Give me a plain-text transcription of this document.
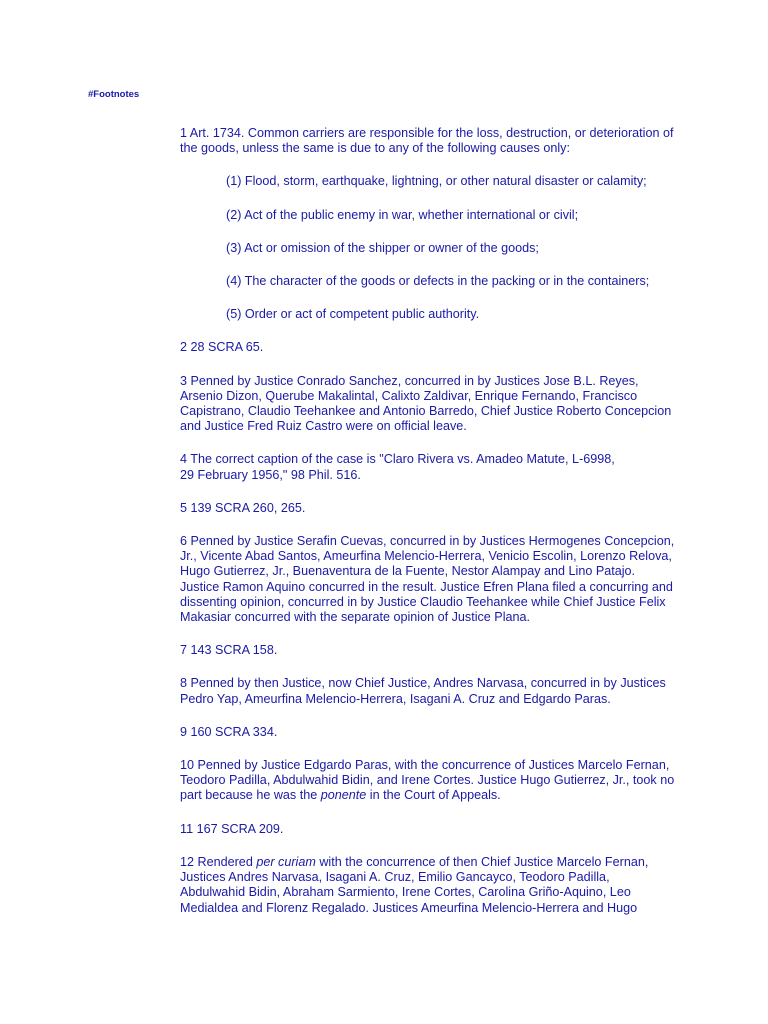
#Footnotes

1 Art. 1734. Common carriers are responsible for the loss, destruction, or deterioration of
the goods, unless the same is due to any of the following causes only:

(1) Flood, storm, earthquake, lightning, or other natural disaster or calamity;

(2) Act of the public enemy in war, whether international or civil;

(3) Act or omission of the shipper or owner of the goods;

(4) The character of the goods or defects in the packing or in the containers;

(5) Order or act of competent public authority.

2 28 SCRA 65.

3 Penned by Justice Conrado Sanchez, concurred in by Justices Jose B.L. Reyes,
Arsenio Dizon, Querube Makalintal, Calixto Zaldivar, Enrique Fernando, Francisco
Capistrano, Claudio Teehankee and Antonio Barredo, Chief Justice Roberto Concepcion
and Justice Fred Ruiz Castro were on official leave.

4 The correct caption of the case is "Claro Rivera vs. Amadeo Matute, L-6998,
29 February 1956," 98 Phil. 516.

5 139 SCRA 260, 265.

6 Penned by Justice Serafin Cuevas, concurred in by Justices Hermogenes Concepcion,
Jr., Vicente Abad Santos, Ameurfina Melencio-Herrera, Venicio Escolin, Lorenzo Relova,
Hugo Gutierrez, Jr., Buenaventura de la Fuente, Nestor Alampay and Lino Patajo.
Justice Ramon Aquino concurred in the result. Justice Efren Plana filed a concurring and
dissenting opinion, concurred in by Justice Claudio Teehankee while Chief Justice Felix
Makasiar concurred with the separate opinion of Justice Plana.

7 143 SCRA 158.

8 Penned by then Justice, now Chief Justice, Andres Narvasa, concurred in by Justices
Pedro Yap, Ameurfina Melencio-Herrera, Isagani A. Cruz and Edgardo Paras.

9 160 SCRA 334.

10 Penned by Justice Edgardo Paras, with the concurrence of Justices Marcelo Fernan,
Teodoro Padilla, Abdulwahid Bidin, and Irene Cortes. Justice Hugo Gutierrez, Jr., took no
part because he was the ponente in the Court of Appeals.

11 167 SCRA 209.

12 Rendered per curiam with the concurrence of then Chief Justice Marcelo Fernan,
Justices Andres Narvasa, Isagani A. Cruz, Emilio Gancayco, Teodoro Padilla,
Abdulwahid Bidin, Abraham Sarmiento, Irene Cortes, Carolina Griño-Aquino, Leo
Medialdea and Florenz Regalado. Justices Ameurfina Melencio-Herrera and Hugo
